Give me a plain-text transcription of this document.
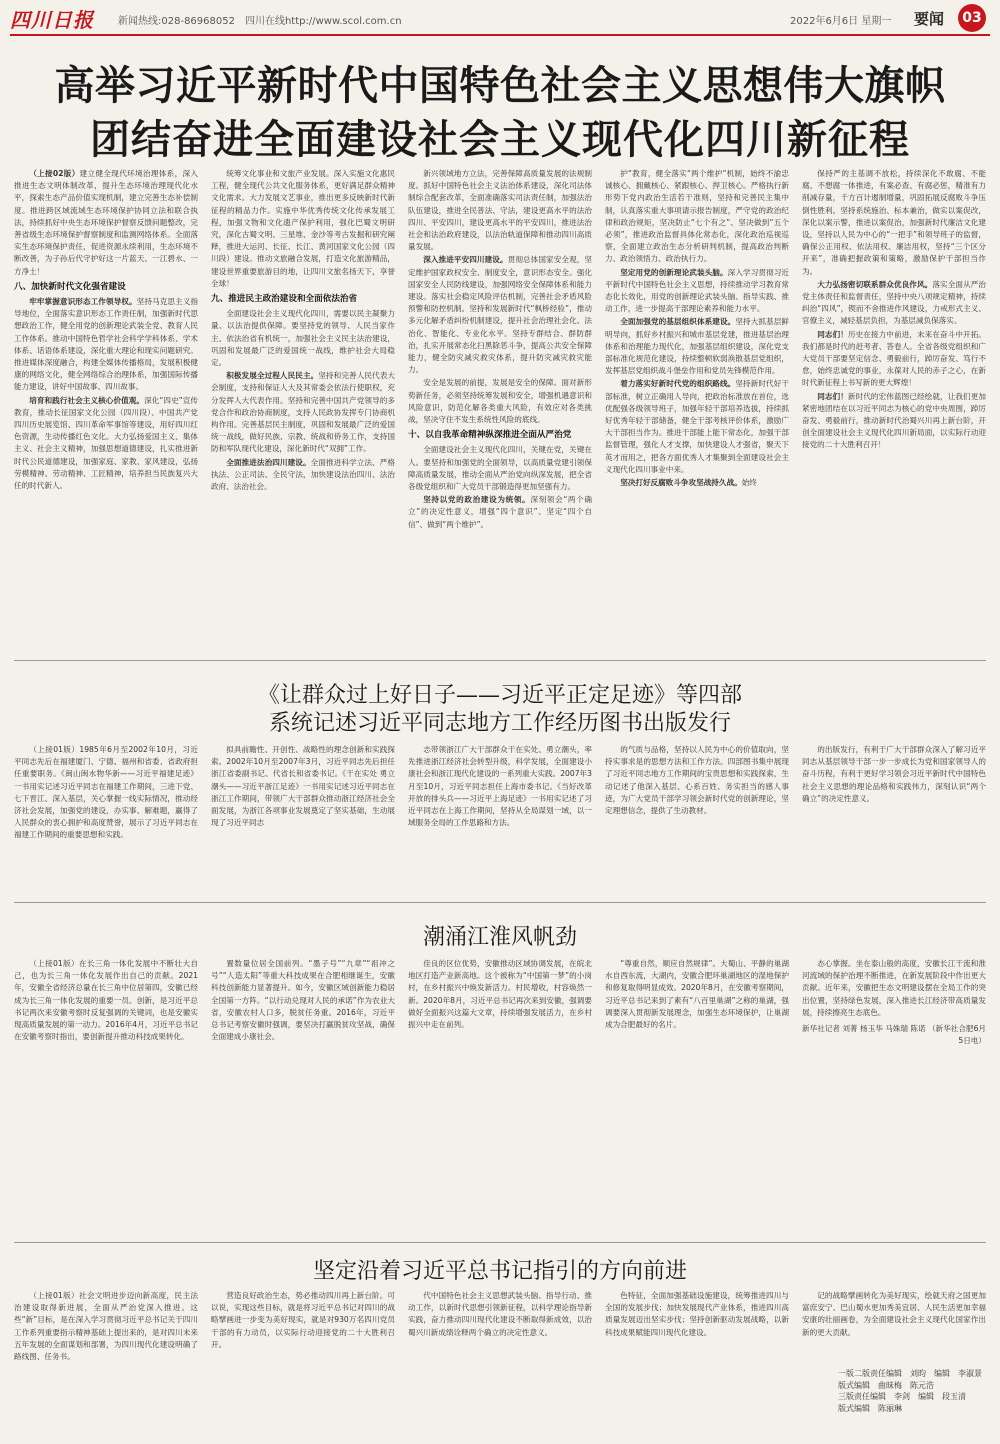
四川日报 新闻热线:028-86968052　四川在线http://www.scol.com.cn	2022年6月6日 星期一 要闻	03
高举习近平新时代中国特色社会主义思想伟大旗帜
团结奋进全面建设社会主义现代化四川新征程

（上接02版）建立健全现代环境治理体系，深入推进生态文明体制改革，提升生态环境治理现代化水平，探索生态产品价值实现机制，建立完善生态补偿制度。推进跨区域流域生态环境保护协同立法和联合执法，持续抓好中央生态环境保护督察反馈问题整改，完善省级生态环境保护督察制度和监测网络体系。全面落实生态环境保护责任，促进资源永续利用，生态环境不断改善，为子孙后代守护好这一片蓝天、一江碧水、一方净土！

八、加快新时代文化强省建设

牢牢掌握意识形态工作领导权。坚持马克思主义指导地位，全面落实意识形态工作责任制，加强新时代思想政治工作，健全用党的创新理论武装全党、教育人民工作体系。推动中国特色哲学社会科学学科体系、学术体系、话语体系建设，深化重大理论和现实问题研究。推进媒体深度融合，构建全媒体传播格局，发展积极健康的网络文化，健全网络综合治理体系，加强国际传播能力建设，讲好中国故事、四川故事。

培育和践行社会主义核心价值观。深化“四史”宣传教育，推动长征国家文化公园（四川段）、中国共产党四川历史展览馆、四川革命军事馆等建设，用好四川红色资源，生动传播红色文化。大力弘扬爱国主义、集体主义、社会主义精神，加强思想道德建设，扎实推进新时代公民道德建设，加强家庭、家教、家风建设，弘扬劳模精神、劳动精神、工匠精神，培养担当民族复兴大任的时代新人。

统筹文化事业和文旅产业发展。深入实施文化惠民工程，健全现代公共文化服务体系，更好满足群众精神文化需求。大力发展文艺事业，推出更多反映新时代新征程的精品力作。实施中华优秀传统文化传承发展工程，加强文物和文化遗产保护利用，强化巴蜀文明研究，深化古蜀文明、三星堆、金沙等考古发掘和研究阐释，推进大运河、长征、长江、黄河国家文化公园（四川段）建设。推动文旅融合发展，打造文化旅游精品，建设世界重要旅游目的地，让四川文旅名扬天下，享誉全球！

九、推进民主政治建设和全面依法治省

全面建设社会主义现代化四川，需要以民主凝聚力量、以法治提供保障。要坚持党的领导、人民当家作主、依法治省有机统一，加强社会主义民主法治建设，巩固和发展最广泛的爱国统一战线，维护社会大局稳定。

积极发展全过程人民民主。坚持和完善人民代表大会制度，支持和保证人大及其常委会依法行使职权，充分发挥人大代表作用。坚持和完善中国共产党领导的多党合作和政治协商制度，支持人民政协发挥专门协商机构作用。完善基层民主制度，巩固和发展最广泛的爱国统一战线，做好民族、宗教、统战和侨务工作，支持国防和军队现代化建设，深化新时代“双拥”工作。

全面推进法治四川建设。全面推进科学立法、严格执法、公正司法、全民守法，加快建设法治四川、法治政府、法治社会。

新兴领域地方立法，完善保障高质量发展的法规制度。抓好中国特色社会主义法治体系建设，深化司法体制综合配套改革，全面准确落实司法责任制，加强法治队伍建设，推进全民普法、守法，建设更高水平的法治四川、平安四川，建设更高水平的平安四川，推进法治社会和法治政府建设，以法治轨道保障和推动四川高质量发展。

深入推进平安四川建设。贯彻总体国家安全观，坚定维护国家政权安全、制度安全，意识形态安全。强化国家安全人民防线建设，加强网络安全保障体系和能力建设。落实社会稳定风险评估机制，完善社会矛盾风险预警和防控机制。坚持和发展新时代“枫桥经验”，推动多元化解矛盾纠纷机制建设，提升社会治理社会化、法治化、智能化、专业化水平。坚持专群结合、群防群治，扎实开展常态化扫黑除恶斗争，提高公共安全保障能力，健全防灾减灾救灾体系，提升防灾减灾救灾能力。

安全是发展的前提，发展是安全的保障。面对新形势新任务，必须坚持统筹发展和安全，增强机遇意识和风险意识，防范化解各类重大风险，有效应对各类挑战，坚决守住不发生系统性风险的底线。

十、以自我革命精神纵深推进全面从严治党

全面建设社会主义现代化四川，关键在党，关键在人。要坚持和加强党的全面领导，以高质量党建引领保障高质量发展，推动全面从严治党向纵深发展，把全省各级党组织和广大党员干部锻造得更加坚强有力。

坚持以党的政治建设为统领。深刻领会“两个确立”的决定性意义，增强“四个意识”、坚定“四个自信”、做到“两个维护”。

护“教育，健全落实“两个维护”机制，始终不渝忠诚核心、拥戴核心、紧跟核心、捍卫核心。严格执行新形势下党内政治生活若干准则，坚持和完善民主集中制，认真落实重大事项请示报告制度，严守党的政治纪律和政治规矩，坚决防止“七个有之”、坚决做到“五个必须”，推进政治监督具体化常态化，深化政治巡视巡察，全面建立政治生态分析研判机制，提高政治判断力、政治领悟力、政治执行力。

坚定用党的创新理论武装头脑。深入学习贯彻习近平新时代中国特色社会主义思想，持续推动学习教育常态化长效化，用党的创新理论武装头脑、指导实践、推动工作，进一步提高干部理论素养和能力水平。

全面加强党的基层组织体系建设。坚持大抓基层鲜明导向，抓好乡村振兴和城市基层党建，推进基层治理体系和治理能力现代化，加强基层组织建设，深化党支部标准化规范化建设，持续整顿软弱涣散基层党组织，发挥基层党组织战斗堡垒作用和党员先锋模范作用。

着力落实好新时代党的组织路线。坚持新时代好干部标准，树立正确用人导向，把政治标准放在首位，选优配强各级领导班子，加强年轻干部培养选拔，持续抓好优秀年轻干部储备，健全干部考核评价体系，激励广大干部担当作为。推进干部能上能下常态化，加强干部监督管理，强化人才支撑，加快建设人才强省，聚天下英才而用之，把各方面优秀人才集聚到全面建设社会主义现代化四川事业中来。

坚决打好反腐败斗争攻坚战持久战。始终

保持严的主基调不放松，持续深化不敢腐、不能腐、不想腐一体推进，有案必查、有腐必惩，精准有力削减存量，千方百计遏制增量，巩固拓展反腐败斗争压倒性胜利。坚持系统施治、标本兼治，做实以案促改，深化以案示警，推进以案促治，加强新时代廉洁文化建设，坚持以人民为中心的“一把手”和领导班子的监督，确保公正用权、依法用权、廉洁用权，坚持“三个区分开来”，准确把握政策和策略，激励保护干部担当作为。

大力弘扬密切联系群众优良作风。落实全面从严治党主体责任和监督责任，坚持中央八项规定精神，持续纠治“四风”，锲而不舍推进作风建设，力戒形式主义、官僚主义，减轻基层负担，为基层减负保落实。

同志们！历史在接力中前进，未来在奋斗中开拓。我们都是时代的赶考者、答卷人。全省各级党组织和广大党员干部要坚定信念、勇毅前行，踔厉奋发、笃行不怠，始终忠诚党的事业，永葆对人民的赤子之心，在新时代新征程上书写新的更大辉煌！

同志们！新时代的宏伟蓝图已经绘就，让我们更加紧密地团结在以习近平同志为核心的党中央周围，踔厉奋发、勇毅前行，推动新时代治蜀兴川再上新台阶，开创全面建设社会主义现代化四川新局面，以实际行动迎接党的二十大胜利召开！

《让群众过上好日子——习近平正定足迹》等四部
系统记述习近平同志地方工作经历图书出版发行

（上接01版）1985年6月至2002年10月，习近平同志先后在福建厦门、宁德、福州和省委、省政府担任重要职务。《闽山闽水物华新——习近平福建足迹》一书用实记述习近平同志在福建工作期间，三进下党、七下晋江、深入基层，关心掌握一线实际情况，推动经济社会发展，加强党的建设，办实事、解难题，赢得了人民群众的衷心拥护和高度赞誉，展示了习近平同志在福建工作期间的重要思想和实践。

拟具前瞻性、开创性、战略性的理念创新和实践探索。2002年10月至2007年3月，习近平同志先后担任浙江省委副书记、代省长和省委书记。《干在实处 勇立潮头——习近平浙江足迹》一书用实记述习近平同志在浙江工作期间，带领广大干部群众推动浙江经济社会全面发展，为浙江各项事业发展奠定了坚实基础，生动展现了习近平同志

志带领浙江广大干部群众干在实处、勇立潮头，率先推进浙江经济社会转型升级，科学发展，全面建设小康社会和浙江现代化建设的一系列重大实践。2007年3月至10月，习近平同志担任上海市委书记。《当好改革开放的排头兵——习近平上海足迹》一书用实记述了习近平同志在上海工作期间，坚持从全局谋划一域，以一域服务全局的工作思路和方法。

的气质与品格，坚持以人民为中心的价值取向，坚持实事求是的思想方法和工作方法。四部图书集中展现了习近平同志地方工作期间的宝贵思想和实践探索，生动记述了他深入基层、心系百姓、务实担当的感人事迹，为广大党员干部学习领会新时代党的创新理论，坚定理想信念，提供了生动教材。

的出版发行，有利于广大干部群众深入了解习近平同志从基层领导干部一步一步成长为党和国家领导人的奋斗历程，有利于更好学习领会习近平新时代中国特色社会主义思想的理论品格和实践伟力，深刻认识“两个确立”的决定性意义。

潮涌江淮风帆劲

（上接01版）在长三角一体化发展中不断壮大自己，也为长三角一体化发展作出自己的贡献。2021年，安徽全省经济总量在长三角中位居第四，安徽已经成为长三角一体化发展的重要一员。创新，是习近平总书记两次来安徽考察时反复强调的关键词，也是安徽实现高质量发展的第一动力。2016年4月，习近平总书记在安徽考察时指出，要创新提升推动科技成果转化。

置数量位居全国前列。“墨子号”“九章”“祖冲之号”“人造太阳”等重大科技成果在合肥相继诞生，安徽科技创新能力显著提升。如今，安徽区域创新能力稳居全国第一方阵。“以行动兑现对人民的承诺”作为农业大省，安徽农村人口多，脱贫任务重。2016年，习近平总书记考察安徽时强调，要坚决打赢脱贫攻坚战，确保全面建成小康社会。

佳良的区位优势，安徽推动区域协调发展，在皖北地区打造产业新高地。这个被称为“中国第一梦”的小岗村，在乡村振兴中焕发新活力。村民增收，村容焕然一新。2020年8月，习近平总书记再次来到安徽，强调要做好全面振兴这篇大文章，持续增强发展活力，在乡村振兴中走在前列。

“尊重自然，顺应自然规律”。大蜀山、平静的巢湖水自西东流，大湖内，安徽合肥环巢湖地区的湿地保护和修复取得明显成效。2020年8月，在安徽考察期间，习近平总书记来到了素有“八百里巢湖”之称的巢湖，强调要深入贯彻新发展理念，加强生态环境保护，让巢湖成为合肥最好的名片。

态心掌握。坐在泰山般的高度，安徽长江干流和淮河流域的保护治理不断推进，在新发展阶段中作出更大贡献。近年来，安徽把生态文明建设摆在全局工作的突出位置，坚持绿色发展，深入推进长江经济带高质量发展，持续擦亮生态底色。

新华社记者 刘菁 杨玉华 马姝瑞 陈诺 （新华社合肥6月5日电）

坚定沿着习近平总书记指引的方向前进

（上接01版）社会文明进步迈向新高度，民主法治建设取得新进展，全面从严治党深入推进。这些“新”目标，是在深入学习贯彻习近平总书记关于四川工作系列重要指示精神基础上提出来的，是对四川未来五年发展的全面谋划和部署，为四川现代化建设明确了路线图、任务书。

营造良好政治生态，势必推动四川再上新台阶。可以说，实现这些目标，就是将习近平总书记对四川的战略擘画进一步变为美好现实，就是对930万名四川党员干部的有力动员，以实际行动迎接党的二十大胜利召开。

代中国特色社会主义思想武装头脑、指导行动、推动工作，以新时代思想引领新征程，以科学理论指导新实践，奋力推动四川现代化建设不断取得新成效，以治蜀兴川新成绩诠释两个确立的决定性意义。

色特征，全面加强基础设施建设，统筹推进四川与全国的发展步伐；加快发展现代产业体系，推进四川高质量发展迈出坚实步伐；坚持创新驱动发展战略，以新科技成果赋能四川现代化建设。

记的战略擘画转化为美好现实，绘就天府之国更加富庶安宁、巴山蜀水更加秀美宜居、人民生活更加幸福安康的壮丽画卷，为全面建设社会主义现代化国家作出新的更大贡献。

一版二版责任编辑　刘昀　编辑　李淑景
版式编辑　曲昧梅　陈元浩
三版责任编辑　李剑　编辑　段玉清
版式编辑　陈丽琳
